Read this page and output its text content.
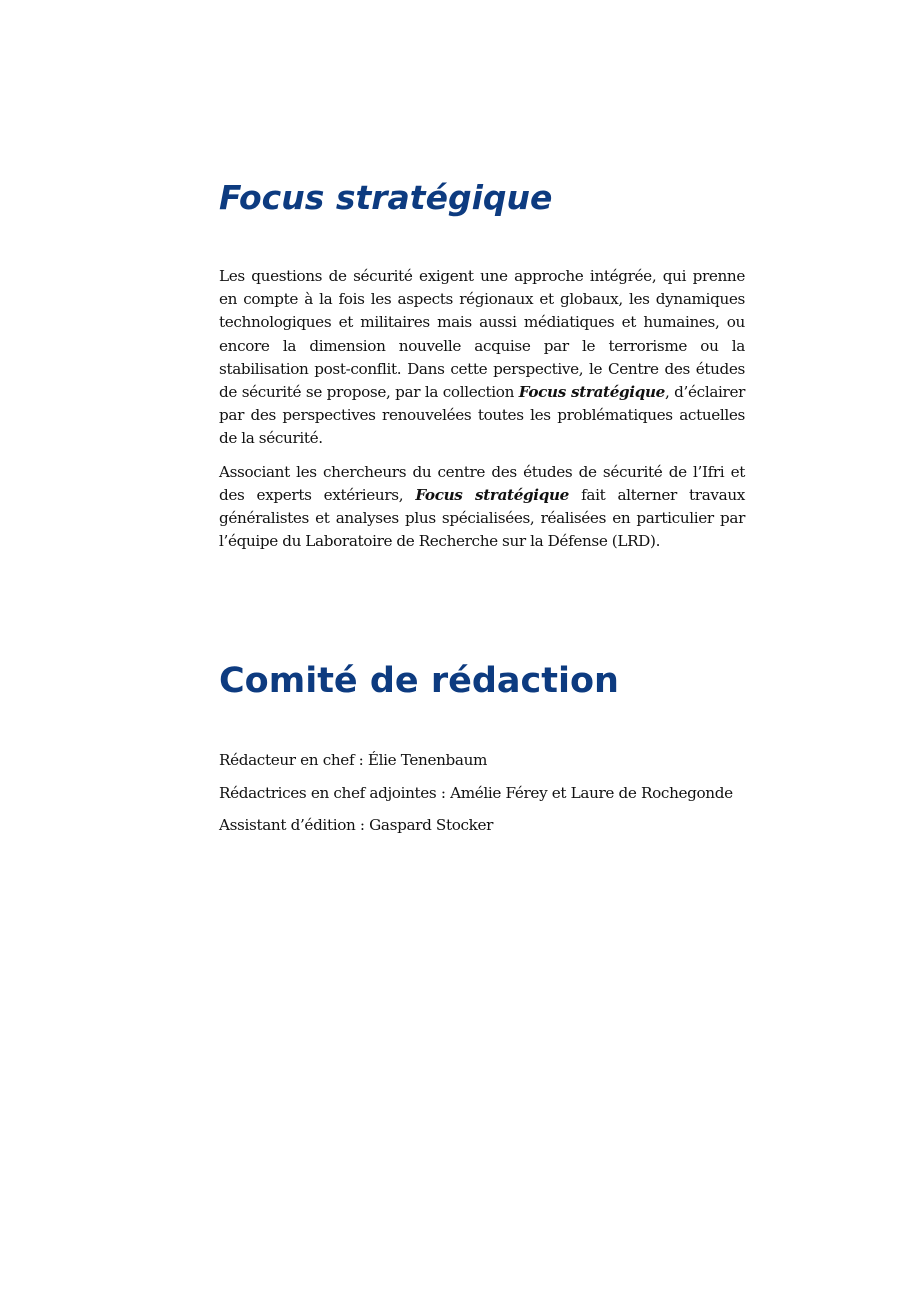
Focus stratégique

Les questions de sécurité exigent une approche intégrée, qui prenne en compte à la fois les aspects régionaux et globaux, les dynamiques technologiques et militaires mais aussi médiatiques et humaines, ou encore la dimension nouvelle acquise par le terrorisme ou la stabilisation post-conflit. Dans cette perspective, le Centre des études de sécurité se propose, par la collection Focus stratégique, d’éclairer par des perspectives renouvelées toutes les problématiques actuelles de la sécurité.

Associant les chercheurs du centre des études de sécurité de l’Ifri et des experts extérieurs, Focus stratégique fait alterner travaux généralistes et analyses plus spécialisées, réalisées en particulier par l’équipe du Laboratoire de Recherche sur la Défense (LRD).

Comité de rédaction

Rédacteur en chef : Élie Tenenbaum

Rédactrices en chef adjointes : Amélie Férey et Laure de Rochegonde

Assistant d’édition : Gaspard Stocker
